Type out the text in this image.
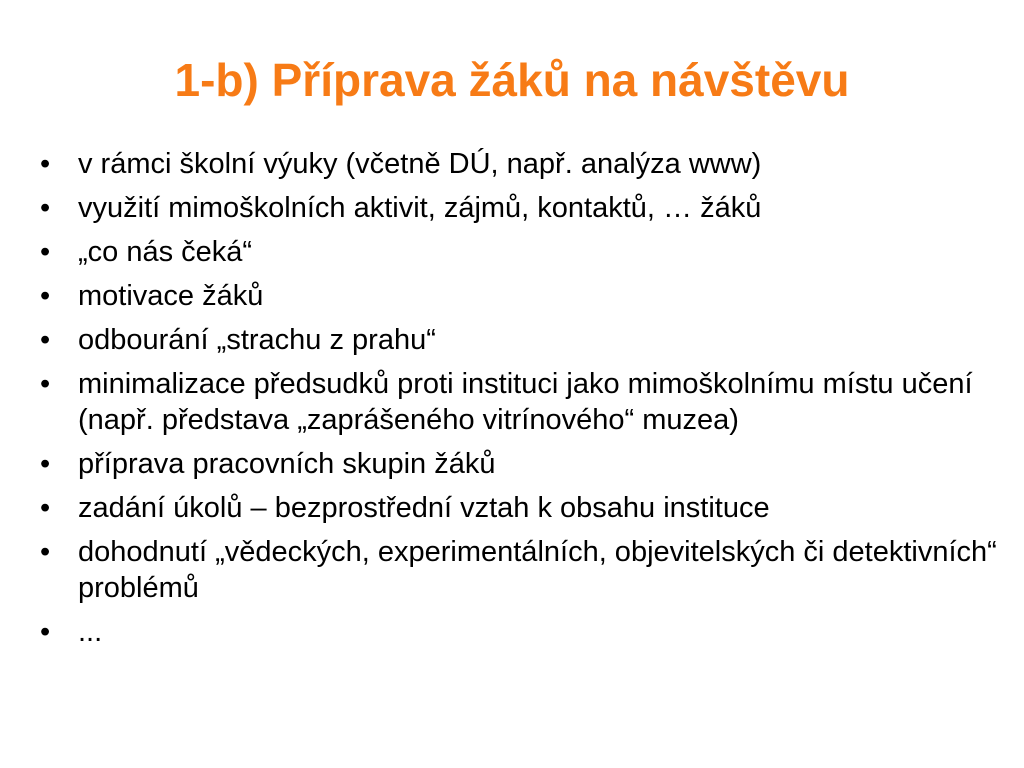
1-b) Příprava žáků na návštěvu
• v rámci školní výuky (včetně DÚ, např. analýza www)
• využití mimoškolních aktivit, zájmů, kontaktů, … žáků
• „co nás čeká“
• motivace žáků
• odbourání „strachu z prahu“
• minimalizace předsudků proti instituci jako mimoškolnímu místu učení (např. představa „zaprášeného vitrínového“ muzea)
• příprava pracovních skupin žáků
• zadání úkolů – bezprostřední vztah k obsahu instituce
• dohodnutí „vědeckých, experimentálních, objevitelských či detektivních“ problémů
• ...
